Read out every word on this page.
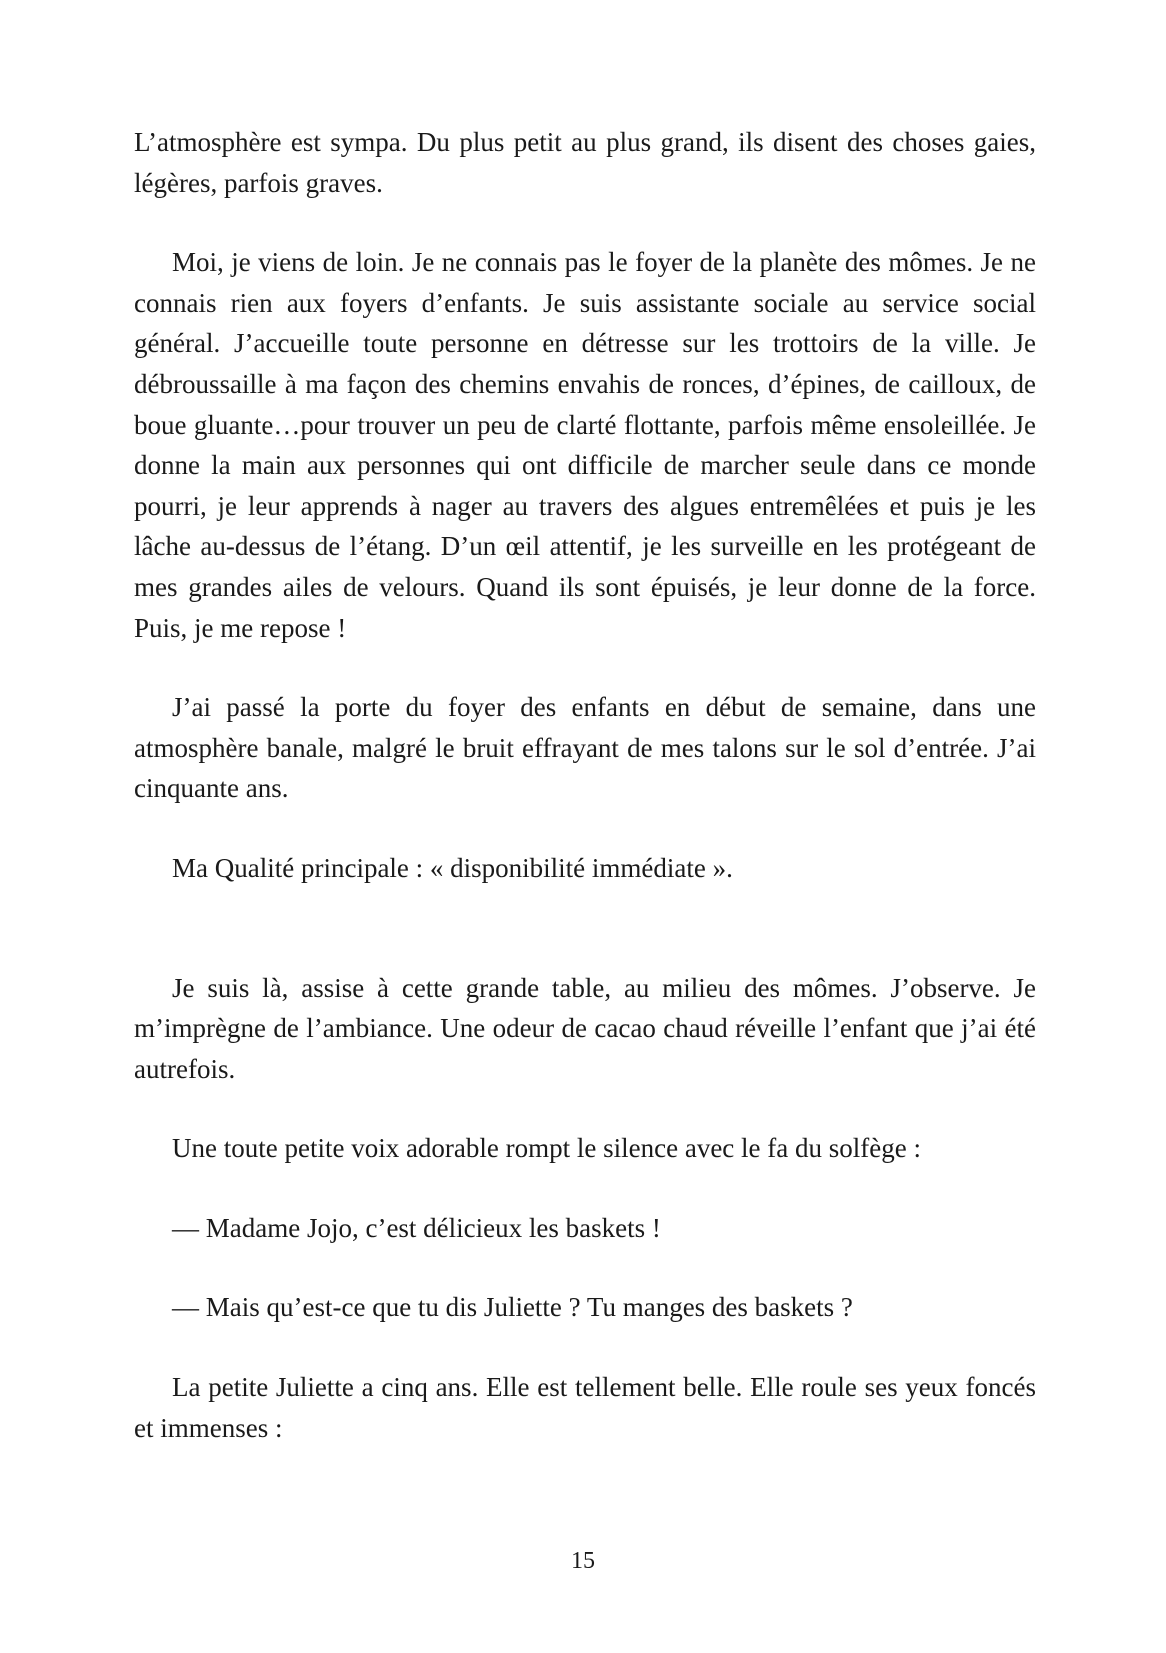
L’atmosphère est sympa. Du plus petit au plus grand, ils disent des choses gaies, légères, parfois graves.

Moi, je viens de loin. Je ne connais pas le foyer de la planète des mômes. Je ne connais rien aux foyers d’enfants. Je suis assistante sociale au service social général. J’accueille toute personne en détresse sur les trottoirs de la ville. Je débroussaille à ma façon des chemins envahis de ronces, d’épines, de cailloux, de boue gluante…pour trouver un peu de clarté flottante, parfois même ensoleillée. Je donne la main aux personnes qui ont difficile de marcher seule dans ce monde pourri, je leur apprends à nager au travers des algues entremêlées et puis je les lâche au-dessus de l’étang. D’un œil attentif, je les surveille en les protégeant de mes grandes ailes de velours. Quand ils sont épuisés, je leur donne de la force. Puis, je me repose !

J’ai passé la porte du foyer des enfants en début de semaine, dans une atmosphère banale, malgré le bruit effrayant de mes talons sur le sol d’entrée. J’ai cinquante ans.

Ma Qualité principale : « disponibilité immédiate ».

Je suis là, assise à cette grande table, au milieu des mômes. J’observe. Je m’imprègne de l’ambiance. Une odeur de cacao chaud réveille l’enfant que j’ai été autrefois.

Une toute petite voix adorable rompt le silence avec le fa du solfège :

— Madame Jojo, c’est délicieux les baskets !

— Mais qu’est-ce que tu dis Juliette ? Tu manges des baskets ?

La petite Juliette a cinq ans. Elle est tellement belle. Elle roule ses yeux foncés et immenses :

15
